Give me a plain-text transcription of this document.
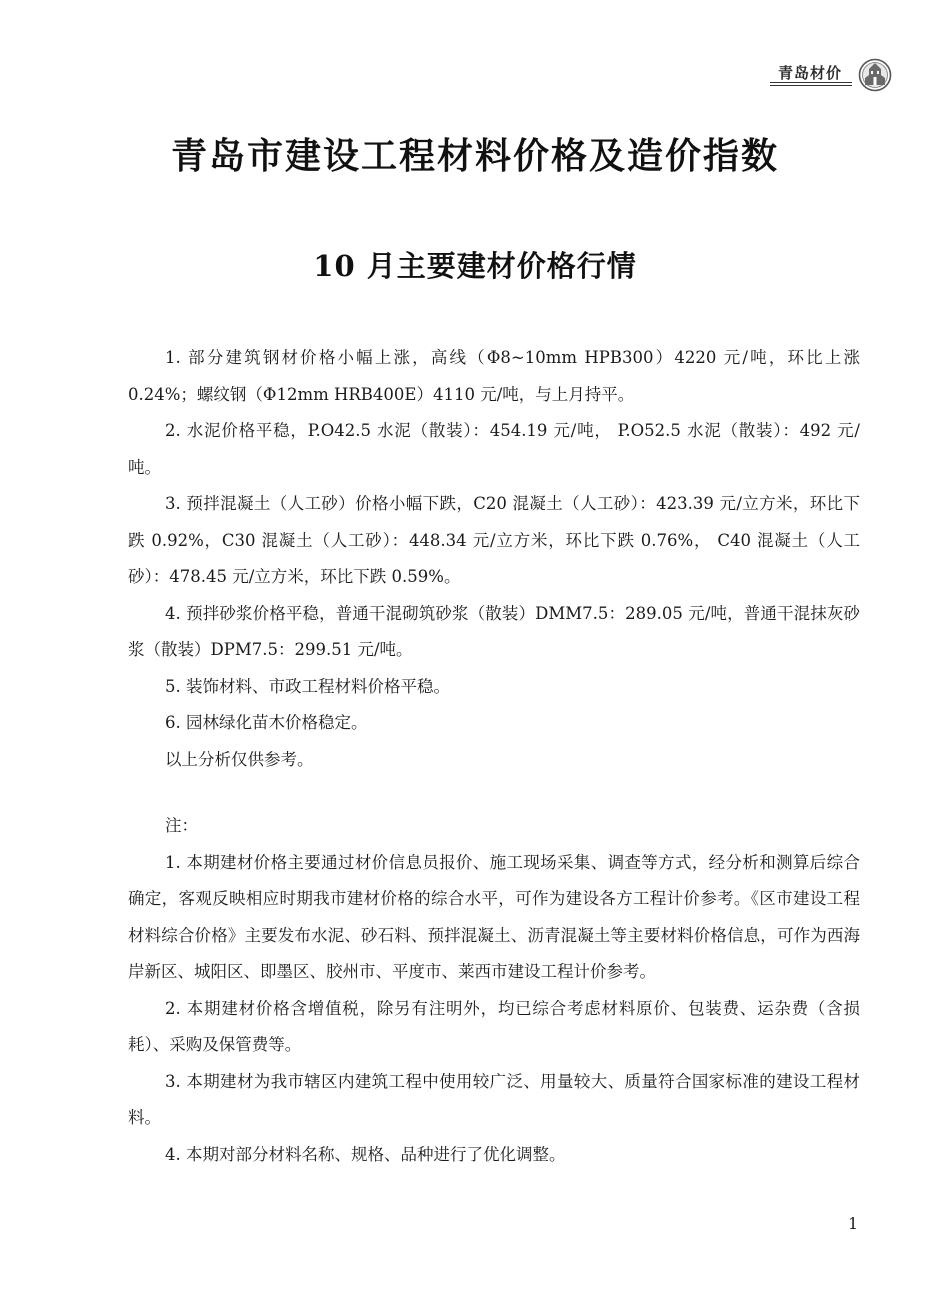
青岛材价
青岛市建设工程材料价格及造价指数
10 月主要建材价格行情

1. 部分建筑钢材价格小幅上涨，高线（Φ8~10mm HPB300）4220 元/吨，环比上涨 0.24%；螺纹钢（Φ12mm HRB400E）4110 元/吨，与上月持平。

2. 水泥价格平稳，P.O42.5 水泥（散装）：454.19 元/吨， P.O52.5 水泥（散装）：492 元/吨。

3. 预拌混凝土（人工砂）价格小幅下跌，C20 混凝土（人工砂）：423.39 元/立方米，环比下跌 0.92%，C30 混凝土（人工砂）：448.34 元/立方米，环比下跌 0.76%， C40 混凝土（人工砂）：478.45 元/立方米，环比下跌 0.59%。

4. 预拌砂浆价格平稳，普通干混砌筑砂浆（散装）DMM7.5：289.05 元/吨，普通干混抹灰砂浆（散装）DPM7.5：299.51 元/吨。

5. 装饰材料、市政工程材料价格平稳。

6. 园林绿化苗木价格稳定。

以上分析仅供参考。

注：

1. 本期建材价格主要通过材价信息员报价、施工现场采集、调查等方式，经分析和测算后综合确定，客观反映相应时期我市建材价格的综合水平，可作为建设各方工程计价参考。《区市建设工程材料综合价格》主要发布水泥、砂石料、预拌混凝土、沥青混凝土等主要材料价格信息，可作为西海岸新区、城阳区、即墨区、胶州市、平度市、莱西市建设工程计价参考。

2. 本期建材价格含增值税，除另有注明外，均已综合考虑材料原价、包装费、运杂费（含损耗）、采购及保管费等。

3. 本期建材为我市辖区内建筑工程中使用较广泛、用量较大、质量符合国家标准的建设工程材料。

4. 本期对部分材料名称、规格、品种进行了优化调整。

1
